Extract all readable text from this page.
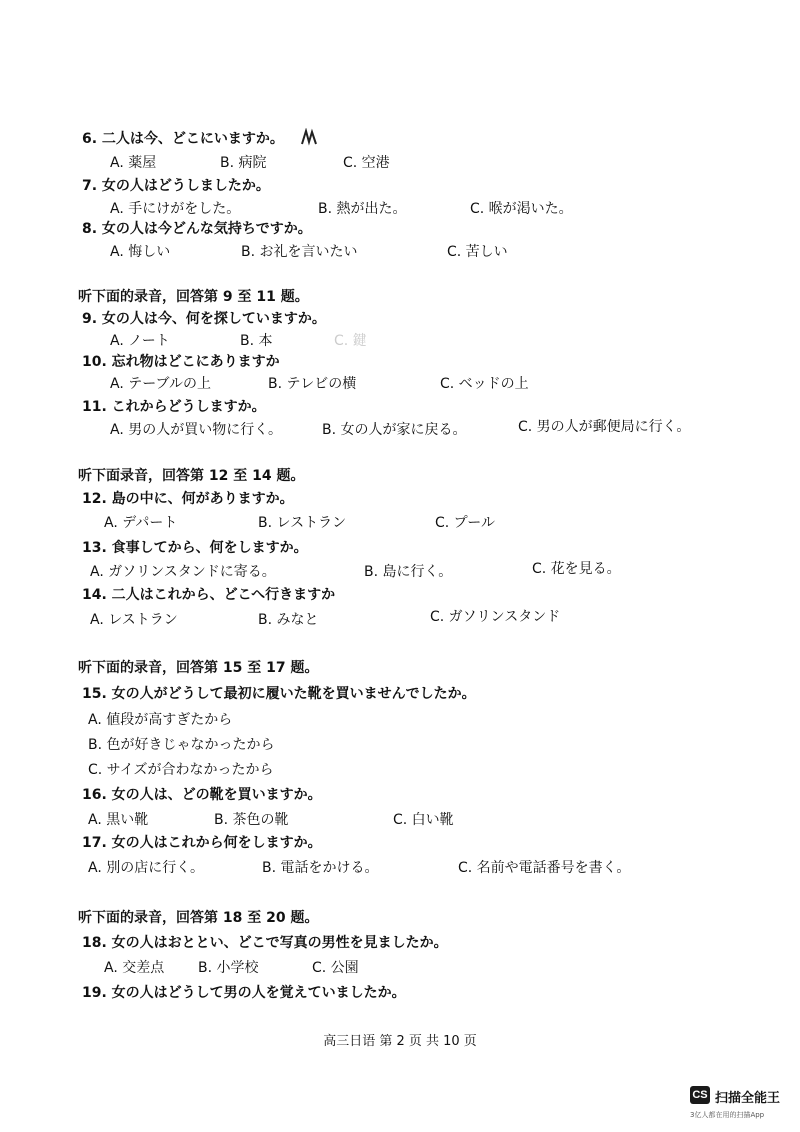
6. 二人は今、どこにいますか。
A. 薬屋	B. 病院	C. 空港
7. 女の人はどうしましたか。
A. 手にけがをした。	B. 熱が出た。	C. 喉が渇いた。
8. 女の人は今どんな気持ちですか。
A. 悔しい	B. お礼を言いたい	C. 苦しい
听下面的录音，回答第 9 至 11 题。
9. 女の人は今、何を探していますか。
A. ノート	B. 本	C. 鍵
10. 忘れ物はどこにありますか
A. テーブルの上	B. テレビの横	C. ベッドの上
11. これからどうしますか。
A. 男の人が買い物に行く。	B. 女の人が家に戻る。	C. 男の人が郵便局に行く。
听下面录音，回答第 12 至 14 题。
12. 島の中に、何がありますか。
A. デパート	B. レストラン	C. プール
13. 食事してから、何をしますか。
A. ガソリンスタンドに寄る。	B. 島に行く。	C. 花を見る。
14. 二人はこれから、どこへ行きますか
A. レストラン	B. みなと	C. ガソリンスタンド
听下面的录音，回答第 15 至 17 题。
15. 女の人がどうして最初に履いた靴を買いませんでしたか。
A. 値段が高すぎたから
B. 色が好きじゃなかったから
C. サイズが合わなかったから
16. 女の人は、どの靴を買いますか。
A. 黒い靴	B. 茶色の靴	C. 白い靴
17. 女の人はこれから何をしますか。
A. 別の店に行く。	B. 電話をかける。	C. 名前や電話番号を書く。
听下面的录音，回答第 18 至 20 题。
18. 女の人はおととい、どこで写真の男性を見ましたか。
A. 交差点 B. 小学校	C. 公園
19. 女の人はどうして男の人を覚えていましたか。
高三日语 第 2 页 共 10 页
CS 扫描全能王
3亿人都在用的扫描App
